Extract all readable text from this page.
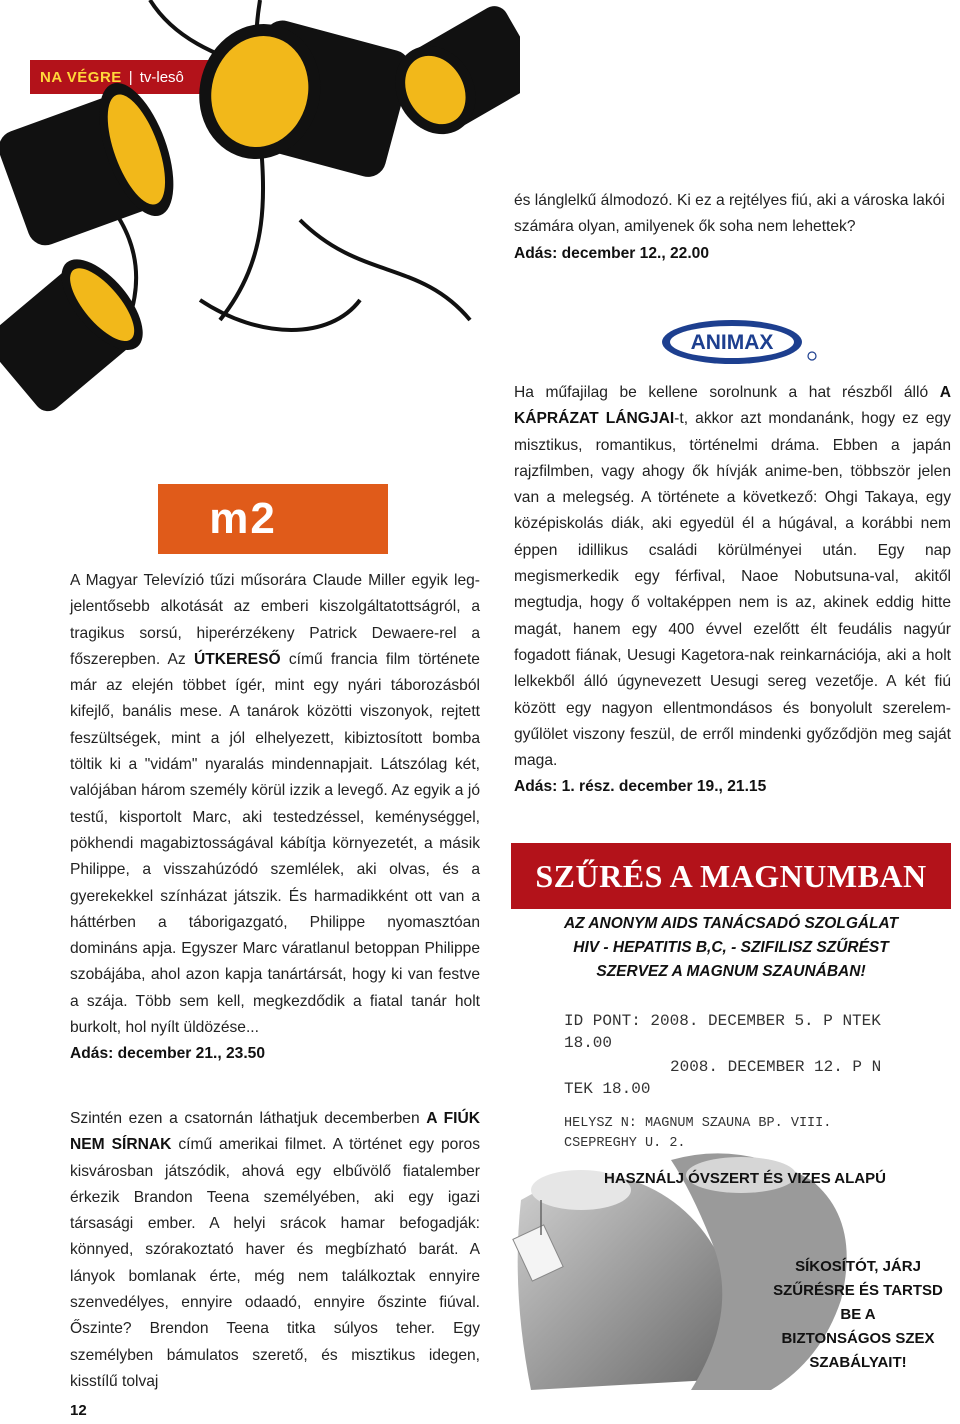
NA VÉGRE | tv-lesô
és lánglelkű álmodozó. Ki ez a rejtélyes fiú, aki a városka lakói
számára olyan, amilyenek ők soha nem lehettek?
Adás: december 12., 22.00
ANIMAX
Ha műfajilag be kellene sorolnunk a hat részből álló A KÁPRÁZAT LÁNGJAI-t, akkor azt mondanánk, hogy ez egy misztikus, romantikus, történelmi dráma. Ebben a japán rajzfilmben, vagy ahogy ők hívják anime-ben, többször jelen van a melegség. A története a következő: Ohgi Takaya, egy középiskolás diák, aki egyedül él a húgával, a korábbi nem éppen idillikus családi körülményei után. Egy nap megismerkedik egy férfival, Naoe Nobutsuna-val, akitől megtudja, hogy ő voltaképpen nem is az, akinek eddig hitte magát, hanem egy 400 évvel ezelőtt élt feudális nagyúr fogadott fiának, Uesugi Kagetora-nak reinkarnációja, aki a holt lelkekből álló úgynevezett Uesugi sereg vezetője. A két fiú között egy nagyon ellentmondásos és bonyolult szerelem-gyűlölet viszony feszül, de erről mindenki győződjön meg saját maga.
Adás: 1. rész. december 19., 21.15
m2
A Magyar Televízió tűzi műsorára Claude Miller egyik leg-jelentősebb alkotását az emberi kiszolgáltatottságról, a tragikus sorsú, hiperérzékeny Patrick Dewaere-rel a főszerepben. Az ÚTKERESŐ című francia film története már az elején többet ígér, mint egy nyári táborozásból kifejlő, banális mese. A tanárok közötti viszonyok, rejtett feszültségek, mint a jól elhelyezett, kibiztosított bomba töltik ki a "vidám" nyaralás mindennapjait. Látszólag két, valójában három személy körül izzik a levegő. Az egyik a jó testű, kisportolt Marc, aki testedzéssel, keménységgel, pökhendi magabiztosságával kábítja környezetét, a másik Philippe, a visszahúzódó szemlélek, aki olvas, és a gyerekekkel színházat játszik. És harmadikként ott van a háttérben a táborigazgató, Philippe nyomasztóan domináns apja. Egyszer Marc váratlanul betoppan Philippe szobájába, ahol azon kapja tanártársát, hogy ki van festve a szája. Több sem kell, megkezdődik a fiatal tanár holt burkolt, hol nyílt üldözése...
Adás: december 21., 23.50
Szintén ezen a csatornán láthatjuk decemberben A FIÚK NEM SÍRNAK című amerikai filmet. A történet egy poros kisvárosban játszódik, ahová egy elbűvölő fiatalember érkezik Brandon Teena személyében, aki egy igazi társasági ember. A helyi srácok hamar befogadják: könnyed, szórakoztató haver és megbízható barát. A lányok bomlanak érte, még nem találkoztak ennyire szenvedélyes, ennyire odaadó, ennyire őszinte fiúval. Őszinte? Brendon Teena titka súlyos teher. Egy személyben bámulatos szerető, és misztikus idegen, kisstílű tolvaj
SZŰRÉS A MAGNUMBAN
AZ ANONYM AIDS TANÁCSADÓ SZOLGÁLAT
HIV - HEPATITIS B,C, - SZIFILISZ SZŰRÉST
SZERVEZ A MAGNUM SZAUNÁBAN!
ID PONT: 2008. DECEMBER 5. P NTEK
18.00
2008. DECEMBER 12. P N
TEK 18.00
HELYSZ N: MAGNUM SZAUNA BP. VIII.
CSEPREGHY U. 2.
HASZNÁLJ ÓVSZERT ÉS VIZES ALAPÚ
SÍKOSÍTÓT, JÁRJ
SZŰRÉSRE ÉS TARTSD
BE A
BIZTONSÁGOS SZEX
SZABÁLYAIT!
12
